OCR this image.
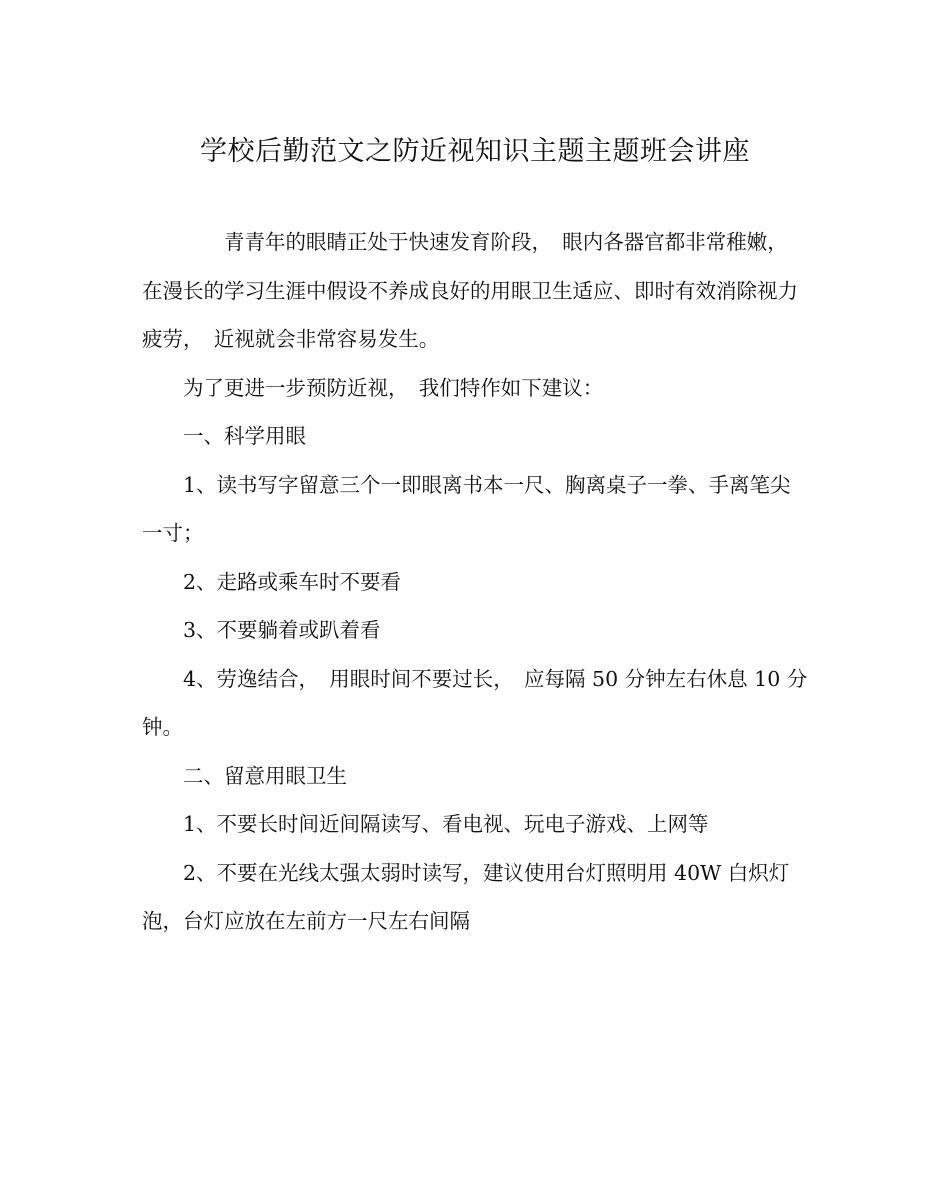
学校后勤范文之防近视知识主题主题班会讲座

青青年的眼睛正处于快速发育阶段，　眼内各器官都非常稚嫩，　在漫长的学习生涯中假设不养成良好的用眼卫生适应、即时有效消除视力疲劳，　近视就会非常容易发生。

为了更进一步预防近视，　我们特作如下建议：

一、科学用眼

1、读书写字留意三个一即眼离书本一尺、胸离桌子一拳、手离笔尖一寸；

2、走路或乘车时不要看

3、不要躺着或趴着看

4、劳逸结合，　用眼时间不要过长，　应每隔 50 分钟左右休息 10 分钟。

二、留意用眼卫生

1、不要长时间近间隔读写、看电视、玩电子游戏、上网等

2、不要在光线太强太弱时读写，建议使用台灯照明用 40W 白炽灯泡，台灯应放在左前方一尺左右间隔
